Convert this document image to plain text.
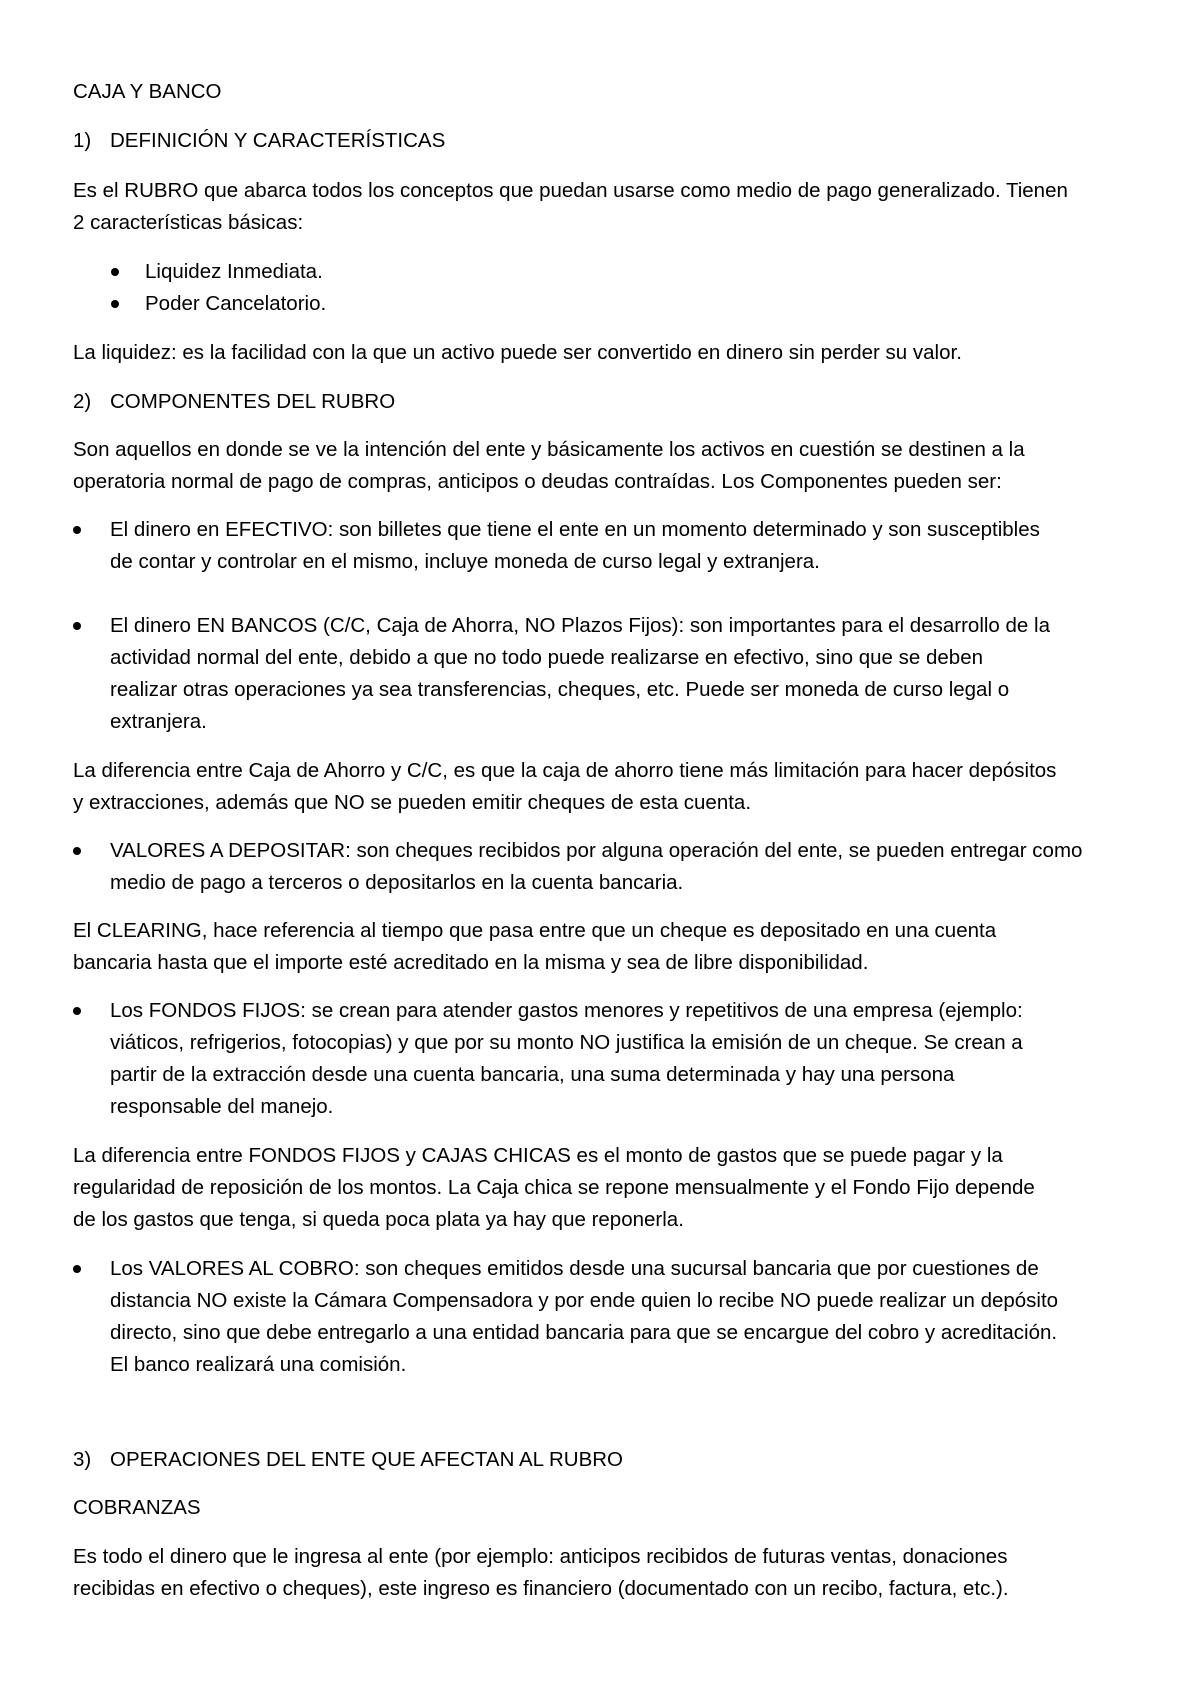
CAJA Y BANCO
1) DEFINICIÓN Y CARACTERÍSTICAS
Es el RUBRO que abarca todos los conceptos que puedan usarse como medio de pago generalizado. Tienen
2 características básicas:
Liquidez Inmediata.
Poder Cancelatorio.
La liquidez: es la facilidad con la que un activo puede ser convertido en dinero sin perder su valor.
2) COMPONENTES DEL RUBRO
Son aquellos en donde se ve la intención del ente y básicamente los activos en cuestión se destinen a la
operatoria normal de pago de compras, anticipos o deudas contraídas. Los Componentes pueden ser:
El dinero en EFECTIVO: son billetes que tiene el ente en un momento determinado y son susceptibles
de contar y controlar en el mismo, incluye moneda de curso legal y extranjera.
El dinero EN BANCOS (C/C, Caja de Ahorra, NO Plazos Fijos): son importantes para el desarrollo de la
actividad normal del ente, debido a que no todo puede realizarse en efectivo, sino que se deben
realizar otras operaciones ya sea transferencias, cheques, etc. Puede ser moneda de curso legal o
extranjera.
La diferencia entre Caja de Ahorro y C/C, es que la caja de ahorro tiene más limitación para hacer depósitos
y extracciones, además que NO se pueden emitir cheques de esta cuenta.
VALORES A DEPOSITAR: son cheques recibidos por alguna operación del ente, se pueden entregar como
medio de pago a terceros o depositarlos en la cuenta bancaria.
El CLEARING, hace referencia al tiempo que pasa entre que un cheque es depositado en una cuenta
bancaria hasta que el importe esté acreditado en la misma y sea de libre disponibilidad.
Los FONDOS FIJOS: se crean para atender gastos menores y repetitivos de una empresa (ejemplo:
viáticos, refrigerios, fotocopias) y que por su monto NO justifica la emisión de un cheque. Se crean a
partir de la extracción desde una cuenta bancaria, una suma determinada y hay una persona
responsable del manejo.
La diferencia entre FONDOS FIJOS y CAJAS CHICAS es el monto de gastos que se puede pagar y la
regularidad de reposición de los montos. La Caja chica se repone mensualmente y el Fondo Fijo depende
de los gastos que tenga, si queda poca plata ya hay que reponerla.
Los VALORES AL COBRO: son cheques emitidos desde una sucursal bancaria que por cuestiones de
distancia NO existe la Cámara Compensadora y por ende quien lo recibe NO puede realizar un depósito
directo, sino que debe entregarlo a una entidad bancaria para que se encargue del cobro y acreditación.
El banco realizará una comisión.
3) OPERACIONES DEL ENTE QUE AFECTAN AL RUBRO
COBRANZAS
Es todo el dinero que le ingresa al ente (por ejemplo: anticipos recibidos de futuras ventas, donaciones
recibidas en efectivo o cheques), este ingreso es financiero (documentado con un recibo, factura, etc.).
